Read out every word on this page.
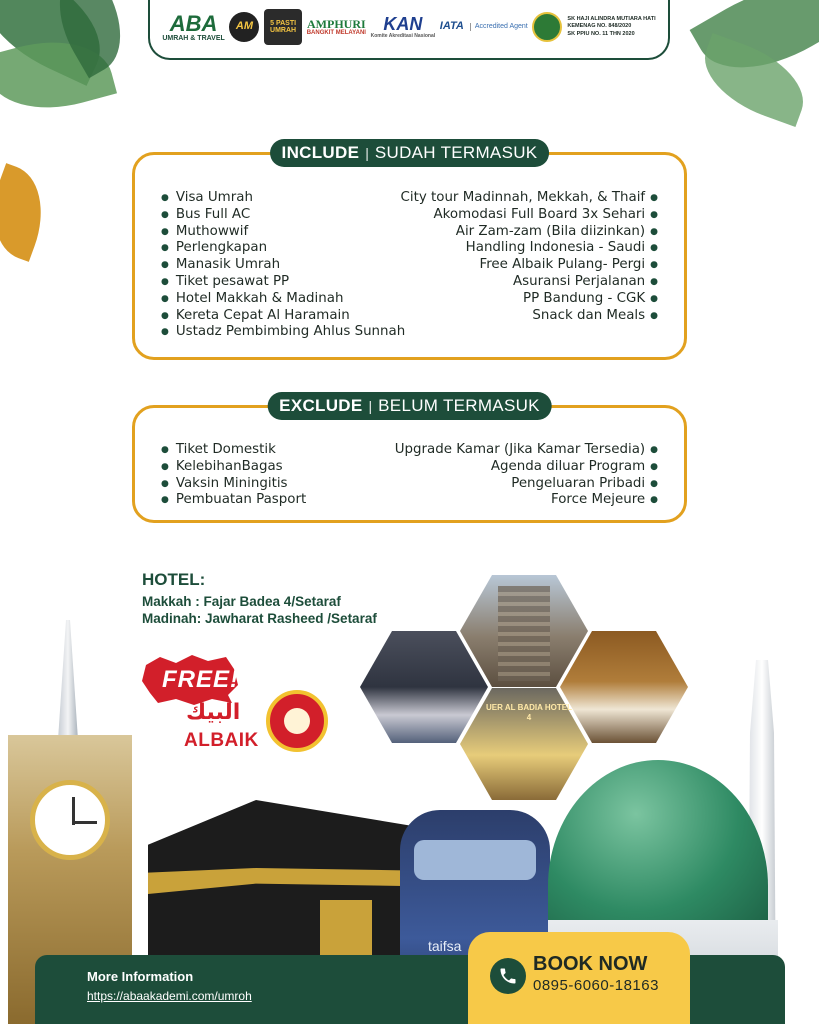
ABA
UMRAH & TRAVEL
AM 5 PASTI
UMRAH AMPHURI
BANGKIT MELAYANI KAN
Komite Akreditasi Nasional
IATA	Accredited Agent
SK HAJI ALINDRA MUTIARA HATI
KEMENAG NO. 848/2020
SK PPIU NO. 11 THN 2020
INCLUDE | SUDAH TERMASUK
● Visa Umrah
● Bus Full AC
● Muthowwif
● Perlengkapan
● Manasik Umrah
● Tiket pesawat PP
● Hotel Makkah & Madinah
● Kereta Cepat Al Haramain
● Ustadz Pembimbing Ahlus Sunnah
City tour Madinnah, Mekkah, & Thaif ●
Akomodasi Full Board 3x Sehari ●
Air Zam-zam (Bila diizinkan) ●
Handling Indonesia - Saudi ●
Free Albaik Pulang- Pergi ●
Asuransi Perjalanan ●
PP Bandung - CGK ●
Snack dan Meals ●
EXCLUDE | BELUM TERMASUK
● Tiket Domestik
● KelebihanBagas
● Vaksin Miningitis
● Pembuatan Pasport
Upgrade Kamar (Jika Kamar Tersedia) ●
Agenda diluar Program ●
Pengeluaran Pribadi ●
Force Mejeure ●
taifsa
HOTEL:
Makkah : Fajar Badea 4/Setaraf
Madinah: Jawharat Rasheed /Setaraf
UER AL BADIA HOTEL 4
FREE!
البيك
ALBAIK
More Information
https://abaakademi.com/umroh
BOOK NOW
0895-6060-18163
